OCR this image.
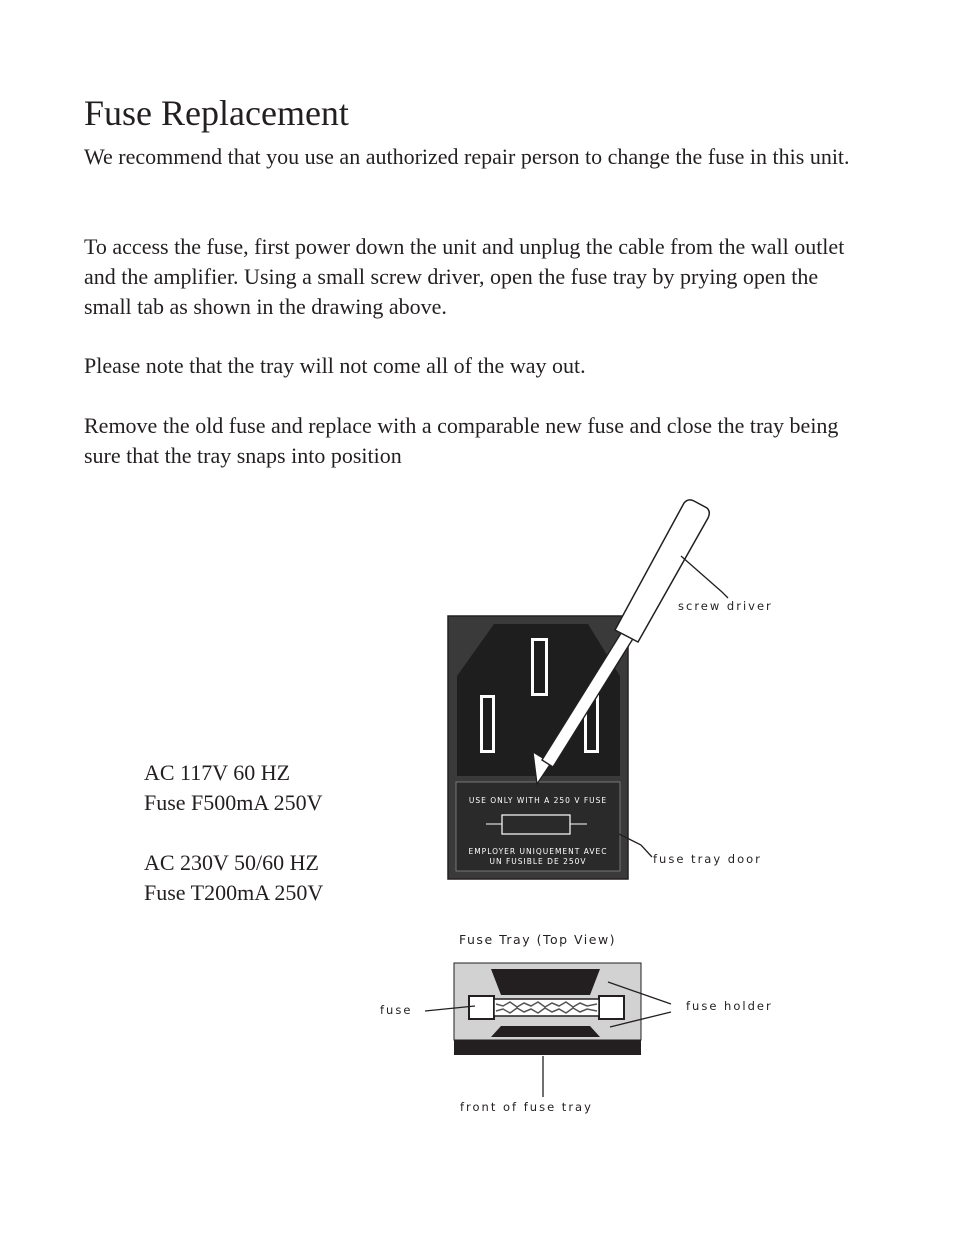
Fuse Replacement

We recommend that you use an authorized repair person to change the fuse in this unit.

To access the fuse, first power down the unit and unplug the cable from the wall outlet and the amplifier. Using a small screw driver, open the fuse tray by prying open the small tab as shown in the drawing above.

Please note that the tray will not come all of the way out.

Remove the old fuse and replace with a comparable new fuse and close the tray being sure that the tray snaps into position

AC 117V 60 HZ
Fuse F500mA 250V
AC 230V 50/60 HZ
Fuse T200mA 250V
USE ONLY WITH A 250 V FUSE
EMPLOYER UNIQUEMENT AVEC
UN FUSIBLE DE 250V
screw driver
fuse tray door
Fuse Tray (Top View)
fuse	fuse holder
front of fuse tray
